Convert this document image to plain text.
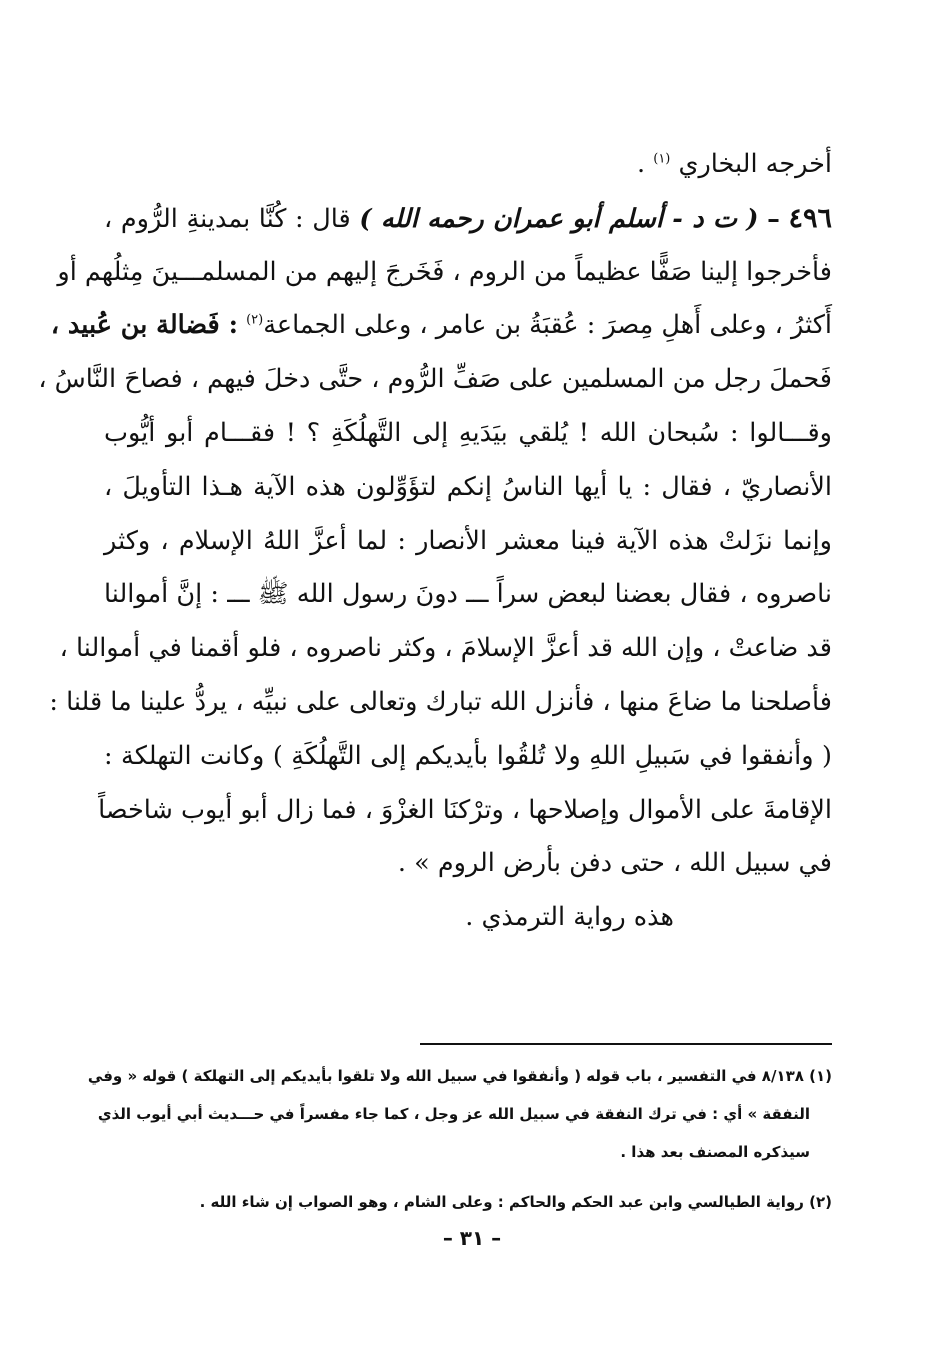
أخرجه البخاري $^{(١)}$ .
٤٩٦ – ( ت د - أسلم أبو عمران رحمه الله ) قال : كُنَّا بمدينةِ الرُّوم ،
فأخرجوا إلينا صَفًّا عظيماً من الروم ، فَخَرجَ إليهم من المسلمـــينَ مِثلُهم أو
أَكثرُ ، وعلى أَهلِ مِصرَ : عُقبَةُ بن عامر ، وعلى الجماعة$^{(٢)}$ : فَضالة بن عُبيد ،
فَحملَ رجل من المسلمين على صَفِّ الرُّوم ، حتَّى دخلَ فيهم ، فصاحَ النَّاسُ ،
وقـــالوا : سُبحان الله ! يُلقي بيَدَيهِ إلى التَّهلُكَةِ ؟ ! فقـــام أبو أيُّوب
الأنصاريّ ، فقال : يا أيها الناسُ إنكم لتؤَوِّلون هذه الآية هـذا التأويلَ ،
وإنما نزَلتْ هذه الآية فينا معشر الأنصار : لما أعزَّ اللهُ الإسلام ، وكثر
ناصروه ، فقال بعضنا لبعض سراً ـــ دونَ رسول الله ﷺ ـــ : إنَّ أموالنا
قد ضاعتْ ، وإن الله قد أعزَّ الإسلامَ ، وكثر ناصروه ، فلو أقمنا في أموالنا ،
فأصلحنا ما ضاعَ منها ، فأنزل الله تبارك وتعالى على نبيِّه ، يردُّ علينا ما قلنا :
( وأنفقوا في سَبيلِ اللهِ ولا تُلقُوا بأيديكم إلى التَّهلُكَةِ ) وكانت التهلكة :
الإقامةَ على الأموال وإصلاحها ، وترْكنَا الغزْوَ ، فما زال أبو أيوب شاخصاً
في سبيل الله ، حتى دفن بأرض الروم » .
هذه رواية الترمذي .
(١) ٨/١٣٨ في التفسير ، باب قوله ( وأنفقوا في سبيل الله ولا تلقوا بأيديكم إلى التهلكة ) قوله « وفي
النفقة » أي : في ترك النفقة في سبيل الله عز وجل ، كما جاء مفسراً في حـــديث أبي أيوب الذي
سيذكره المصنف بعد هذا .
(٢) رواية الطيالسي وابن عبد الحكم والحاكم : وعلى الشام ، وهو الصواب إن شاء الله .
– ٣١ –
